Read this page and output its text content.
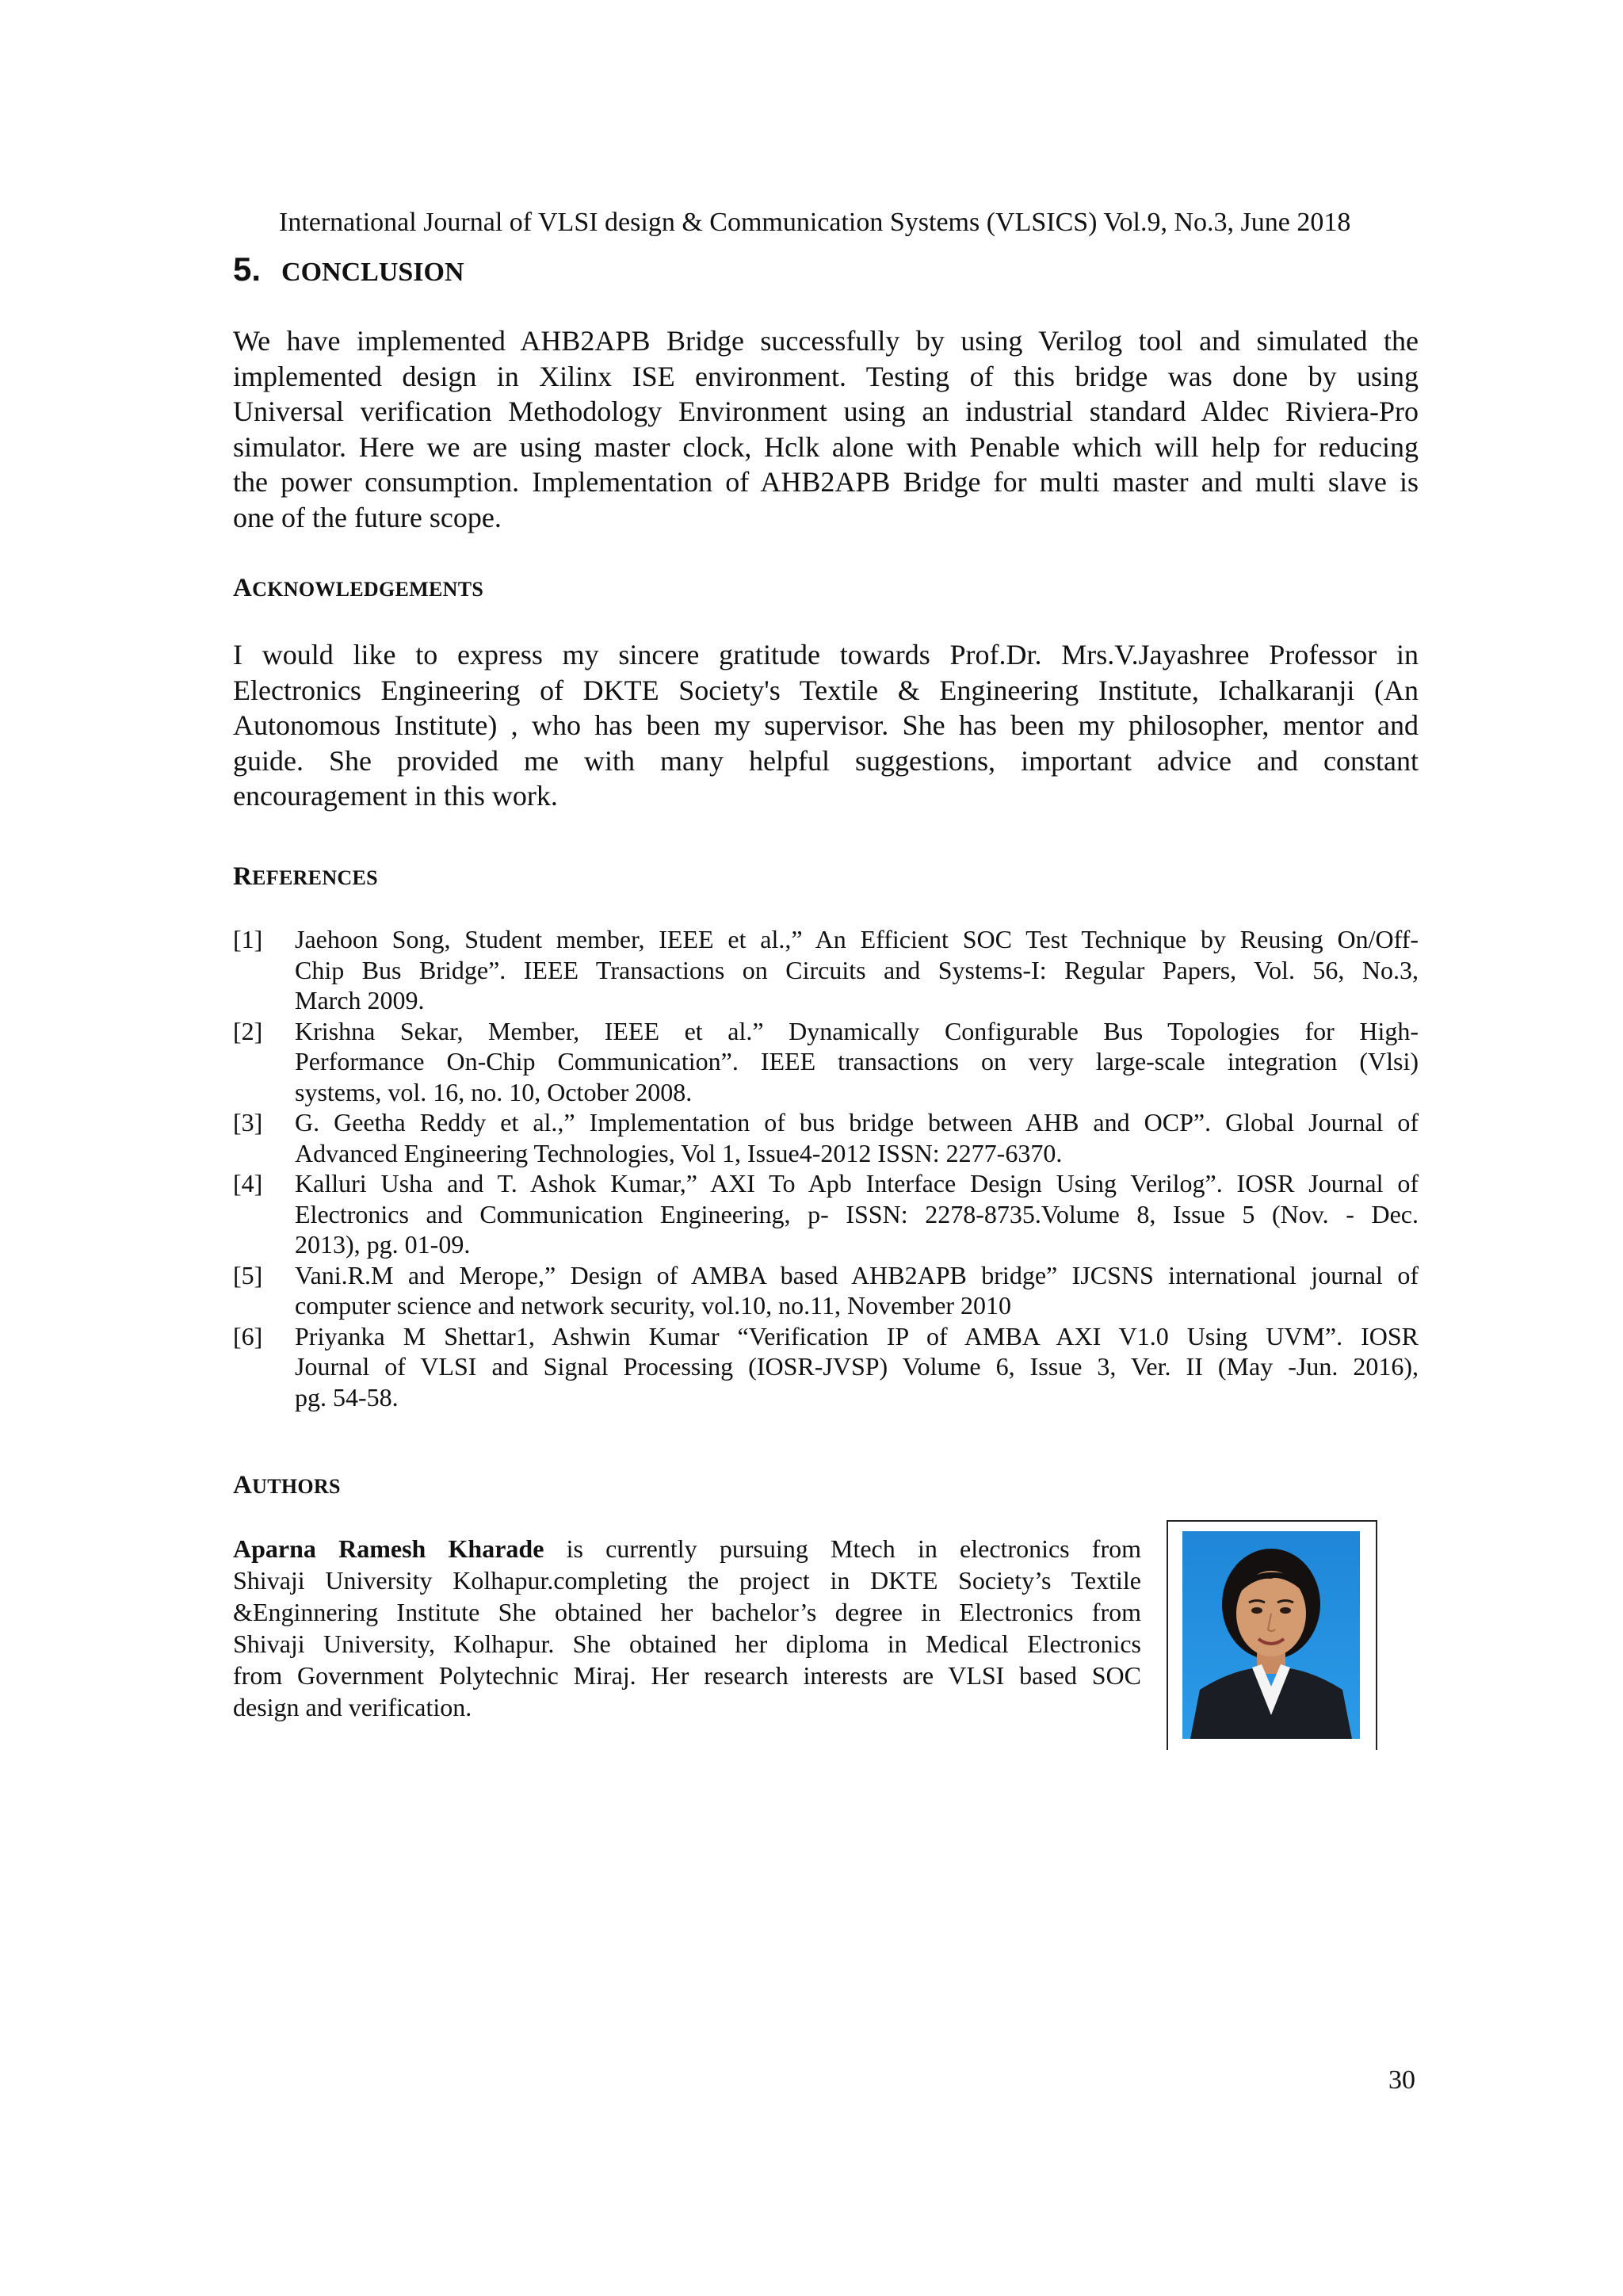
International Journal of VLSI design & Communication Systems (VLSICS) Vol.9, No.3, June 2018
5. CONCLUSION
We have implemented AHB2APB Bridge successfully by using Verilog tool and simulated the
implemented design in Xilinx ISE environment. Testing of this bridge was done by using
Universal verification Methodology Environment using an industrial standard Aldec Riviera-Pro
simulator. Here we are using master clock, Hclk alone with Penable which will help for reducing
the power consumption. Implementation of AHB2APB Bridge for multi master and multi slave is
one of the future scope.
ACKNOWLEDGEMENTS
I would like to express my sincere gratitude towards Prof.Dr. Mrs.V.Jayashree Professor in
Electronics Engineering of DKTE Society's Textile & Engineering Institute, Ichalkaranji (An
Autonomous Institute) , who has been my supervisor. She has been my philosopher, mentor and
guide. She provided me with many helpful suggestions, important advice and constant
encouragement in this work.
REFERENCES
[1] Jaehoon Song, Student member, IEEE et al.,” An Efficient SOC Test Technique by Reusing On/Off-
Chip Bus Bridge”. IEEE Transactions on Circuits and Systems-I: Regular Papers, Vol. 56, No.3,
March 2009.
[2] Krishna Sekar, Member, IEEE et al.” Dynamically Configurable Bus Topologies for High-
Performance On-Chip Communication”. IEEE transactions on very large-scale integration (Vlsi)
systems, vol. 16, no. 10, October 2008.
[3] G. Geetha Reddy et al.,” Implementation of bus bridge between AHB and OCP”. Global Journal of
Advanced Engineering Technologies, Vol 1, Issue4-2012 ISSN: 2277-6370.
[4] Kalluri Usha and T. Ashok Kumar,” AXI To Apb Interface Design Using Verilog”. IOSR Journal of
Electronics and Communication Engineering, p- ISSN: 2278-8735.Volume 8, Issue 5 (Nov. - Dec.
2013), pg. 01-09.
[5] Vani.R.M and Merope,” Design of AMBA based AHB2APB bridge” IJCSNS international journal of
computer science and network security, vol.10, no.11, November 2010
[6] Priyanka M Shettar1, Ashwin Kumar “Verification IP of AMBA AXI V1.0 Using UVM”. IOSR
Journal of VLSI and Signal Processing (IOSR-JVSP) Volume 6, Issue 3, Ver. II (May -Jun. 2016),
pg. 54-58.
AUTHORS
Aparna Ramesh Kharade is currently pursuing Mtech in electronics from
Shivaji University Kolhapur.completing the project in DKTE Society’s Textile
&Enginnering Institute She obtained her bachelor’s degree in Electronics from
Shivaji University, Kolhapur. She obtained her diploma in Medical Electronics
from Government Polytechnic Miraj. Her research interests are VLSI based SOC
design and verification.
30
